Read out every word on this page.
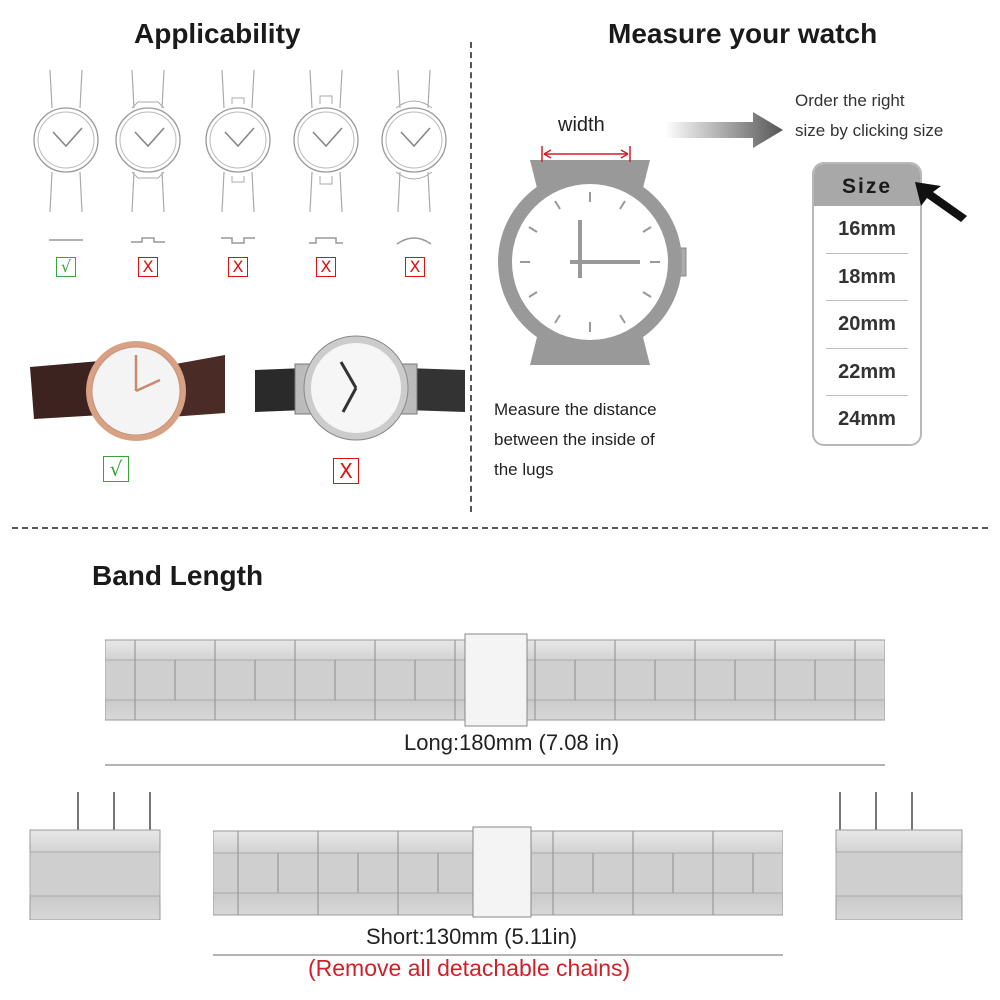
Applicability
√	X	X	X	X
√	X
Measure your watch
width
Order the right
size by clicking size
Measure the distance
between the inside of
the lugs
Size
16mm
18mm
20mm
22mm
24mm
Band Length
Long:180mm (7.08 in)
Short:130mm (5.11in)
(Remove all detachable chains)
